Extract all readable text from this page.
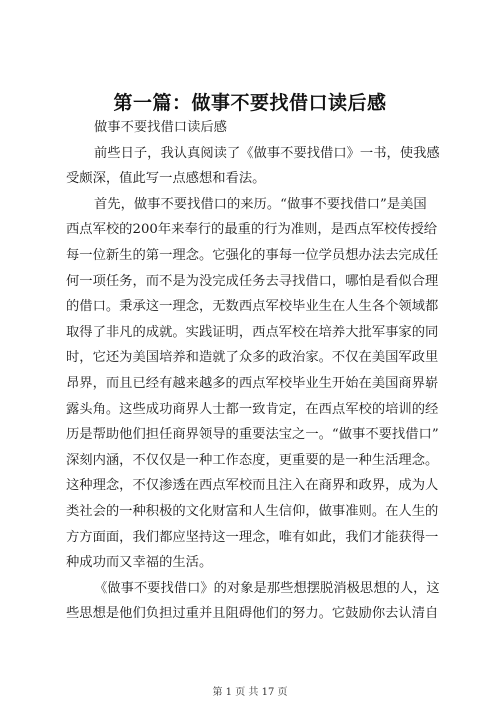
第一篇：做事不要找借口读后感
做事不要找借口读后感
前些日子，我认真阅读了《做事不要找借口》一书，使我感
受颇深，值此写一点感想和看法。
首先，做事不要找借口的来历。“做事不要找借口”是美国
西点军校的200年来奉行的最重的行为准则，是西点军校传授给
每一位新生的第一理念。它强化的事每一位学员想办法去完成任
何一项任务，而不是为没完成任务去寻找借口，哪怕是看似合理
的借口。秉承这一理念，无数西点军校毕业生在人生各个领域都
取得了非凡的成就。实践证明，西点军校在培养大批军事家的同
时，它还为美国培养和造就了众多的政治家。不仅在美国军政里
昂界，而且已经有越来越多的西点军校毕业生开始在美国商界崭
露头角。这些成功商界人士都一致肯定，在西点军校的培训的经
历是帮助他们担任商界领导的重要法宝之一。“做事不要找借口”
深刻内涵，不仅仅是一种工作态度，更重要的是一种生活理念。
这种理念，不仅渗透在西点军校而且注入在商界和政界，成为人
类社会的一种积极的文化财富和人生信仰，做事准则。在人生的
方方面面，我们都应坚持这一理念，唯有如此，我们才能获得一
种成功而又幸福的生活。
《做事不要找借口》的对象是那些想摆脱消极思想的人，这
些思想是他们负担过重并且阻碍他们的努力。它鼓励你去认清自
第 1 页 共 17 页
